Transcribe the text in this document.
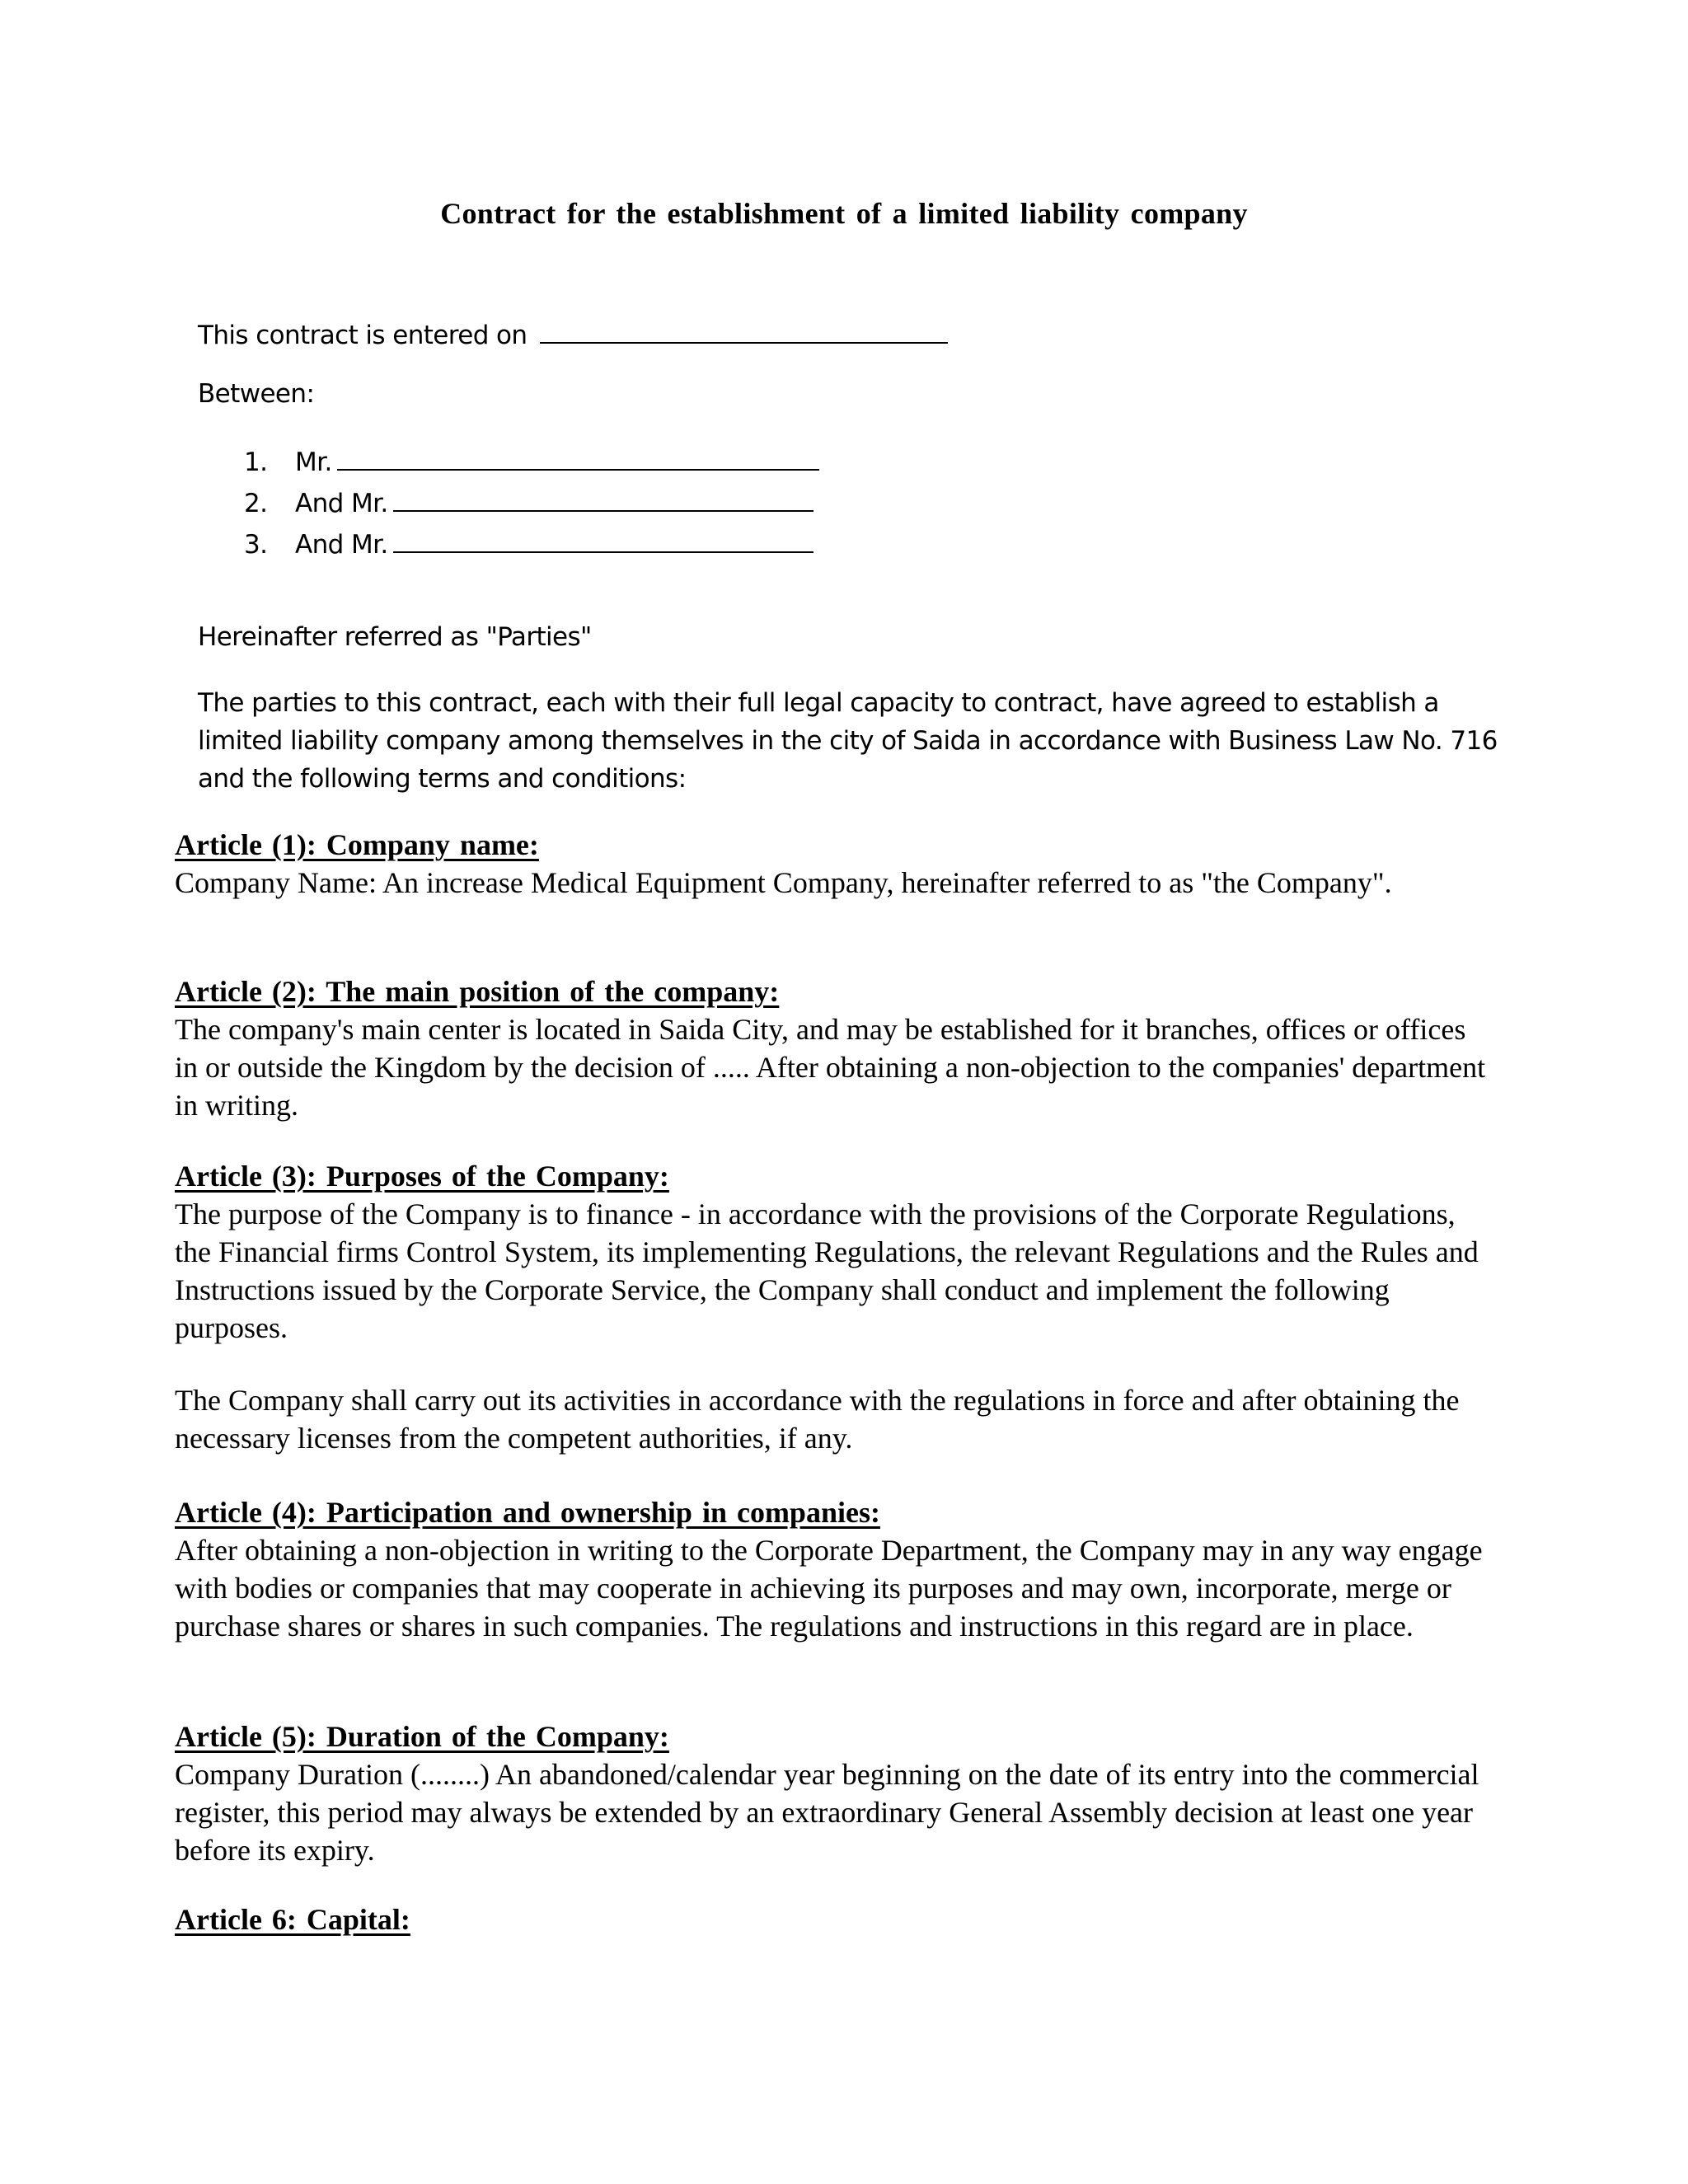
Contract for the establishment of a limited liability company
This contract is entered on
Between:
1. Mr.
2. And Mr.
3. And Mr.
Hereinafter referred as "Parties"

The parties to this contract, each with their full legal capacity to contract, have agreed to establish a limited liability company among themselves in the city of Saida in accordance with Business Law No. 716 and the following terms and conditions:

Article (1): Company name:

Company Name: An increase Medical Equipment Company, hereinafter referred to as "the Company".

Article (2): The main position of the company:

The company's main center is located in Saida City, and may be established for it branches, offices or offices in or outside the Kingdom by the decision of ..... After obtaining a non-objection to the companies' department in writing.

Article (3): Purposes of the Company:

The purpose of the Company is to finance - in accordance with the provisions of the Corporate Regulations, the Financial firms Control System, its implementing Regulations, the relevant Regulations and the Rules and Instructions issued by the Corporate Service, the Company shall conduct and implement the following purposes.

The Company shall carry out its activities in accordance with the regulations in force and after obtaining the necessary licenses from the competent authorities, if any.

Article (4): Participation and ownership in companies:

After obtaining a non-objection in writing to the Corporate Department, the Company may in any way engage with bodies or companies that may cooperate in achieving its purposes and may own, incorporate, merge or purchase shares or shares in such companies. The regulations and instructions in this regard are in place.

Article (5): Duration of the Company:

Company Duration (........) An abandoned/calendar year beginning on the date of its entry into the commercial register, this period may always be extended by an extraordinary General Assembly decision at least one year before its expiry.

Article 6: Capital:
